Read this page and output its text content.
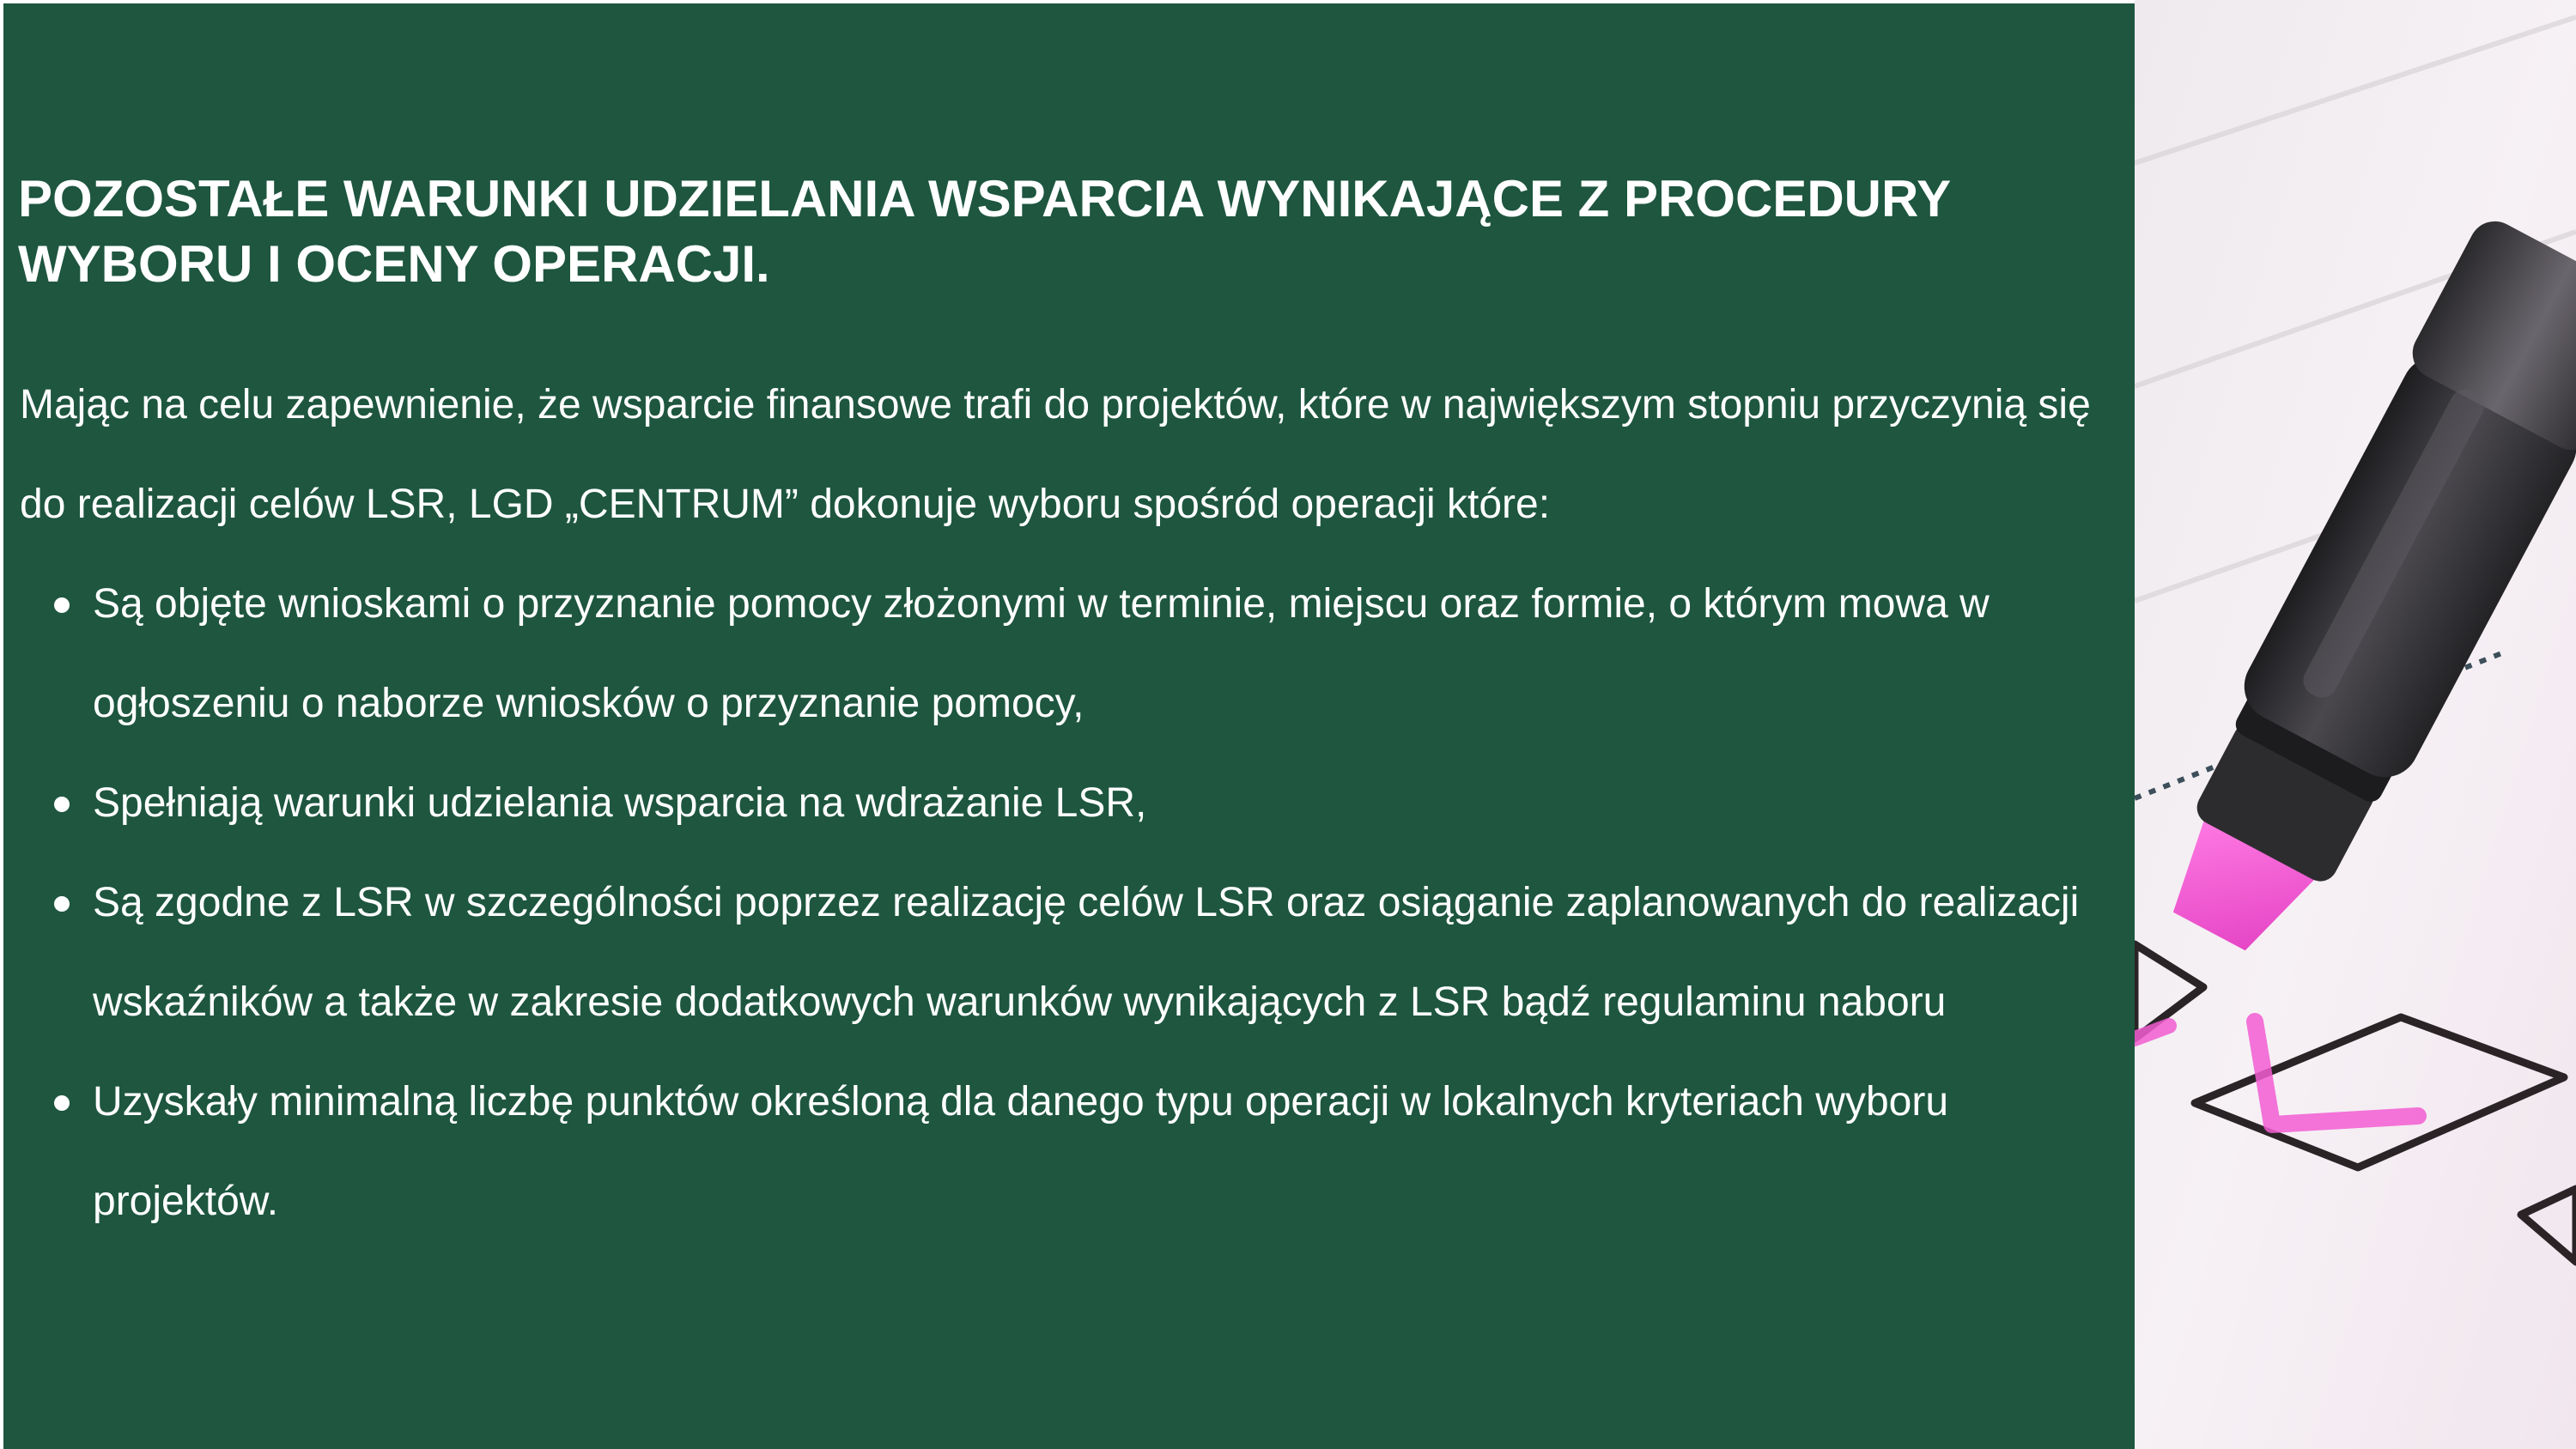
POZOSTAŁE WARUNKI UDZIELANIA WSPARCIA WYNIKAJĄCE Z PROCEDURY WYBORU I OCENY OPERACJI.

Mając na celu zapewnienie, że wsparcie finansowe trafi do projektów, które w największym stopniu przyczynią się do realizacji celów LSR, LGD „CENTRUM” dokonuje wyboru spośród operacji które:

Są objęte wnioskami o przyznanie pomocy złożonymi w terminie, miejscu oraz formie, o którym mowa w ogłoszeniu o naborze wniosków o przyznanie pomocy,
Spełniają warunki udzielania wsparcia na wdrażanie LSR,
Są zgodne z LSR w szczególności poprzez realizację celów LSR oraz osiąganie zaplanowanych do realizacji wskaźników a także w zakresie dodatkowych warunków wynikających z LSR bądź regulaminu naboru
Uzyskały minimalną liczbę punktów określoną dla danego typu operacji w lokalnych kryteriach wyboru projektów.
